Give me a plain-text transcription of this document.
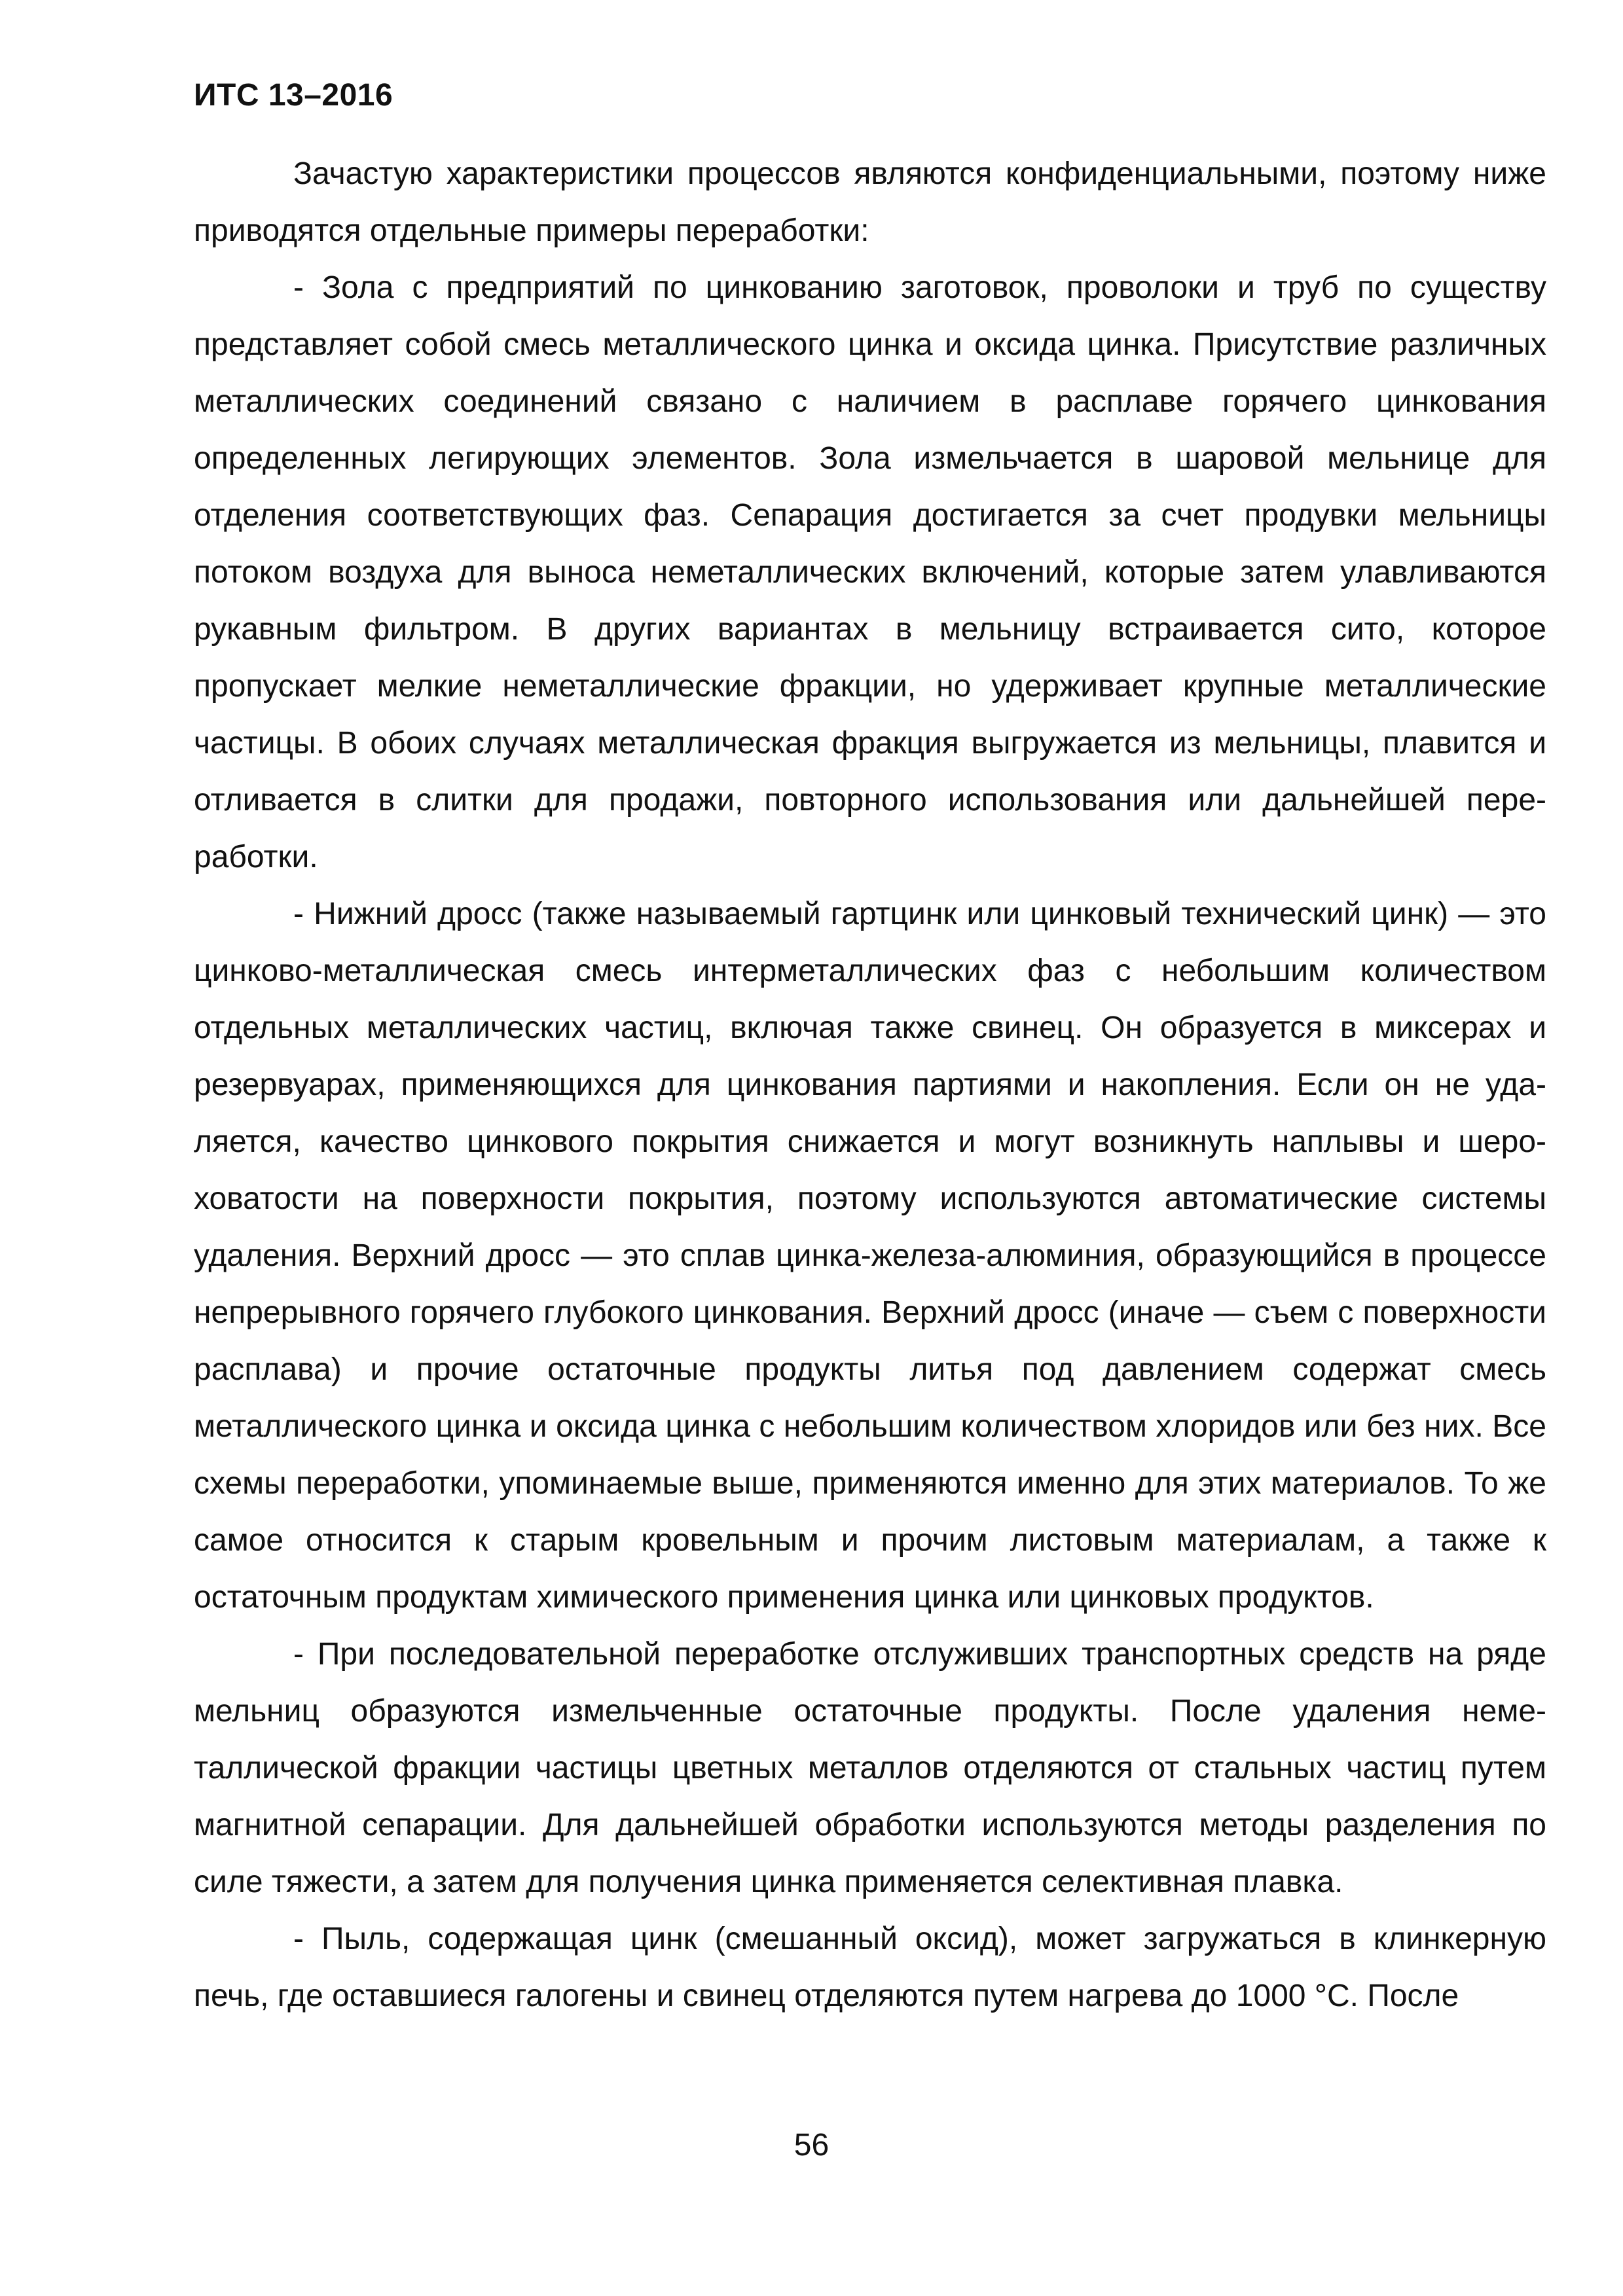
ИТС 13–2016

Зачастую характеристики процессов являются конфиденциальными, поэтому ниже приводятся отдельные примеры переработки:

- Зола с предприятий по цинкованию заготовок, проволоки и труб по существу представляет собой смесь металлического цинка и оксида цинка. Присутствие различных металлических соединений связано с наличием в расплаве горячего цинкования определенных легирующих элементов. Зола измельчается в шаровой мельнице для отделения соответствующих фаз. Сепарация достигается за счет продувки мельницы потоком воздуха для выноса неметаллических включений, которые затем улавливаются рукавным фильтром. В других вариантах в мельницу встраивается сито, которое пропускает мелкие неметаллические фракции, но удерживает крупные металлические частицы. В обоих случаях металлическая фракция выгружается из мельницы, плавится и отливается в слитки для продажи, повторного использования или дальнейшей переработки.

- Нижний дросс (также называемый гартцинк или цинковый технический цинк) — это цинково-металлическая смесь интерметаллических фаз с небольшим количеством отдельных металлических частиц, включая также свинец. Он образуется в миксерах и резервуарах, применяющихся для цинкования партиями и накопления. Если он не удаляется, качество цинкового покрытия снижается и могут возникнуть наплывы и шероховатости на поверхности покрытия, поэтому используются автоматические системы удаления. Верхний дросс — это сплав цинка-железа-алюминия, образующийся в процессе непрерывного горячего глубокого цинкования. Верхний дросс (иначе — съем с поверхности расплава) и прочие остаточные продукты литья под давлением содержат смесь металлического цинка и оксида цинка с небольшим количеством хлоридов или без них. Все схемы переработки, упоминаемые выше, применяются именно для этих материалов. То же самое относится к старым кровельным и прочим листовым материалам, а также к остаточным продуктам химического применения цинка или цинковых продуктов.

- При последовательной переработке отслуживших транспортных средств на ряде мельниц образуются измельченные остаточные продукты. После удаления неметаллической фракции частицы цветных металлов отделяются от стальных частиц путем магнитной сепарации. Для дальнейшей обработки используются методы разделения по силе тяжести, а затем для получения цинка применяется селективная плавка.

- Пыль, содержащая цинк (смешанный оксид), может загружаться в клинкерную печь, где оставшиеся галогены и свинец отделяются путем нагрева до 1000 °С. После

56
